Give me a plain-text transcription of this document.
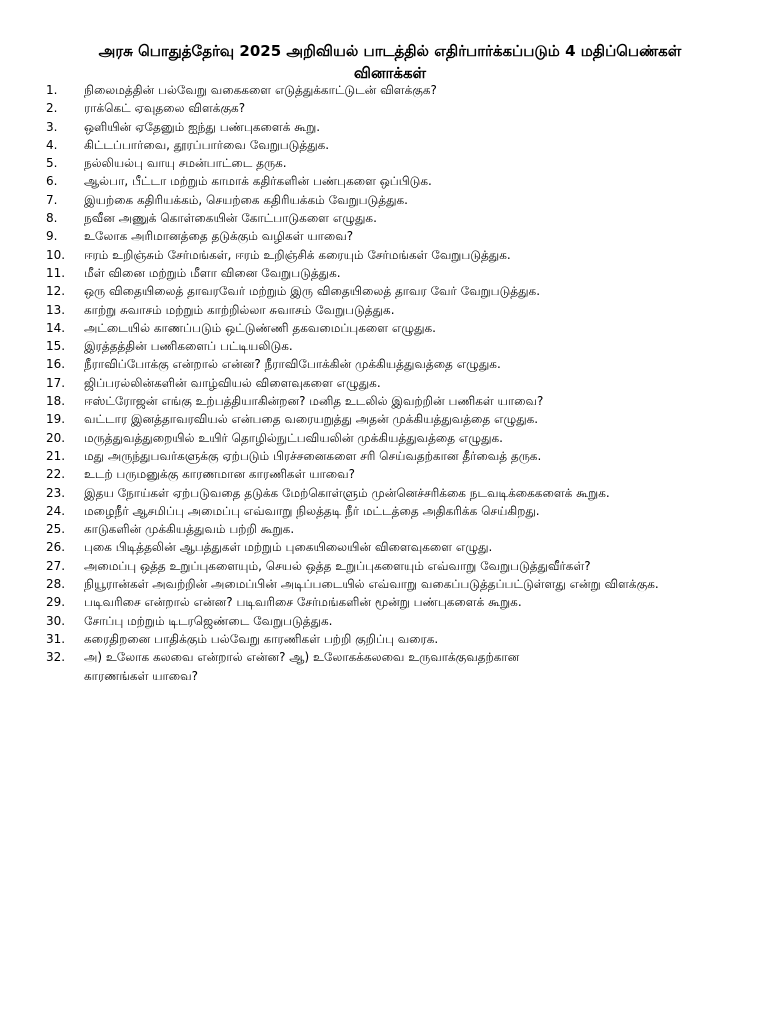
அரசு பொதுத்தேர்வு 2025 அறிவியல் பாடத்தில் எதிர்பார்க்கப்படும் 4 மதிப்பெண்கள் வினாக்கள்
1. நிலைமத்தின் பல்வேறு வகைகளை எடுத்துக்காட்டுடன் விளக்குக?
2. ராக்கெட் ஏவுதலை விளக்குக?
3. ஒளியின் ஏதேனும் ஐந்து பண்புகளைக் கூறு.
4. கிட்டப்பார்வை, தூரப்பார்வை வேறுபடுத்துக.
5. நல்லியல்பு வாயு சமன்பாட்டை தருக.
6. ஆல்பா, பீட்டா மற்றும் காமாக் கதிர்களின் பண்புகளை ஒப்பிடுக.
7. இயற்கை கதிரியக்கம், செயற்கை கதிரியக்கம் வேறுபடுத்துக.
8. நவீன அணுக் கொள்கையின் கோட்பாடுகளை எழுதுக.
9. உலோக அரிமானத்தை தடுக்கும் வழிகள் யாவை?
10. ஈரம் உறிஞ்சும் சேர்மங்கள், ஈரம் உறிஞ்சிக் கரையும் சேர்மங்கள் வேறுபடுத்துக.
11. மீள் வினை மற்றும் மீளா வினை வேறுபடுத்துக.
12. ஒரு விதையிலைத் தாவரவேர் மற்றும் இரு விதையிலைத் தாவர வேர் வேறுபடுத்துக.
13. காற்று சுவாசம் மற்றும் காற்றில்லா சுவாசம் வேறுபடுத்துக.
14. அட்டையில் காணப்படும் ஒட்டுண்ணி தகவமைப்புகளை எழுதுக.
15. இரத்தத்தின் பணிகளைப் பட்டியலிடுக.
16. நீராவிப்போக்கு என்றால் என்ன? நீராவிபோக்கின் முக்கியத்துவத்தை எழுதுக.
17. ஜிப்பரல்லின்களின் வாழ்வியல் விளைவுகளை எழுதுக.
18. ஈஸ்ட்ரோஜன் எங்கு உற்பத்தியாகின்றன? மனித உடலில் இவற்றின் பணிகள் யாவை?
19. வட்டார இனத்தாவரவியல் என்பதை வரையறுத்து அதன் முக்கியத்துவத்தை எழுதுக.
20. மருத்துவத்துறையில் உயிர் தொழில்நுட்பவியலின் முக்கியத்துவத்தை எழுதுக.
21. மது அருந்துபவர்களுக்கு ஏற்படும் பிரச்சனைகளை சரி செய்வதற்கான தீர்வைத் தருக.
22. உடற் பருமனுக்கு காரணமான காரணிகள் யாவை?
23. இதய நோய்கள் ஏற்படுவதை தடுக்க மேற்கொள்ளும் முன்னெச்சரிக்கை நடவடிக்கைகளைக் கூறுக.
24. மழைநீர் ஆசமிப்பு அமைப்பு எவ்வாறு நிலத்தடி நீர் மட்டத்தை அதிகரிக்க செய்கிறது.
25. காடுகளின் முக்கியத்துவம் பற்றி கூறுக.
26. புகை பிடித்தலின் ஆபத்துகள் மற்றும் புகையிலையின் விளைவுகளை எழுது.
27. அமைப்பு ஒத்த உறுப்புகளையும், செயல் ஒத்த உறுப்புகளையும் எவ்வாறு வேறுபடுத்துவீர்கள்?
28.	நியூரான்கள் அவற்றின் அமைப்பின் அடிப்படையில் எவ்வாறு வகைப்படுத்தப்பட்டுள்ளது என்று விளக்குக.
29. படிவரிசை என்றால் என்ன? படிவரிசை சேர்மங்களின் மூன்று பண்புகளைக் கூறுக.
30. சோப்பு மற்றும் டிடரஜெண்டை வேறுபடுத்துக.
31. கரைதிறனை பாதிக்கும் பல்வேறு காரணிகள் பற்றி குறிப்பு வரைக.
32. அ) உலோக கலவை என்றால் என்ன? ஆ) உலோகக்கலவை உருவாக்குவதற்கான
காரணங்கள் யாவை?
